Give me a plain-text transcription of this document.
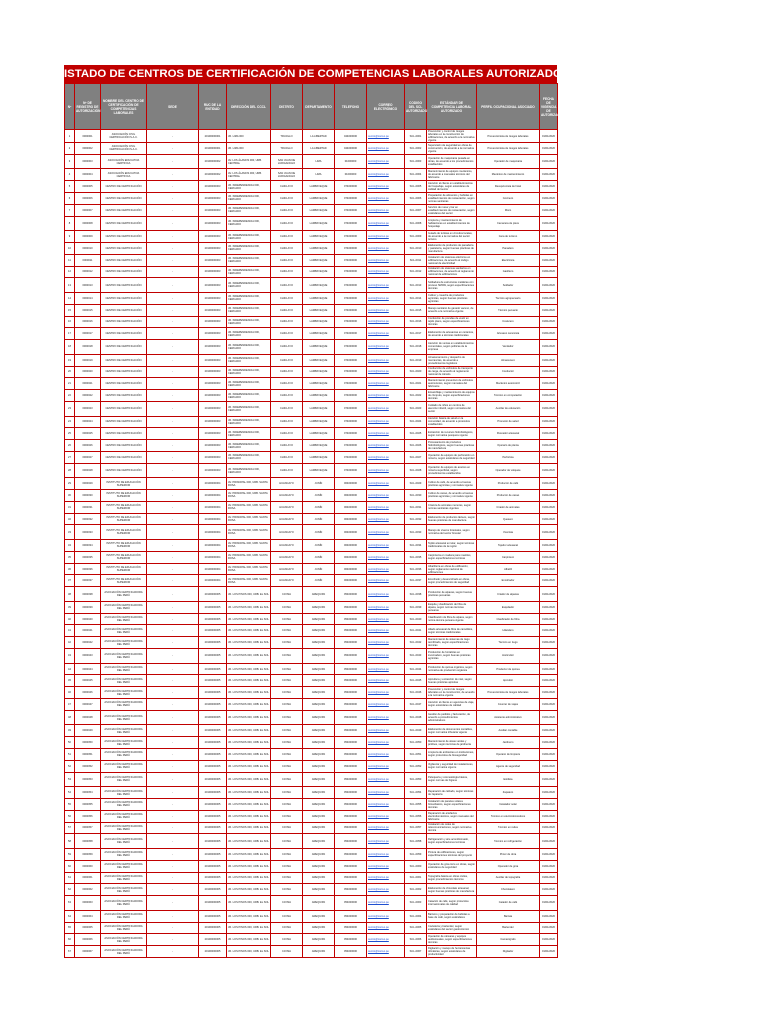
ISTADO DE CENTROS DE CERTIFICACIÓN DE COMPETENCIAS LABORALES AUTORIZADO
Nº	Nº DE REGISTRO DE AUTORIZACIÓN	NOMBRE DEL CENTRO DE CERTIFICACIÓN DE COMPETENCIAS LABORALES	SEDE	RUC DE LA ENTIDAD	DIRECCIÓN DEL CCCL	DISTRITO	DEPARTAMENTO	TELEFONO	CORREO ELECTRÓNICO	CODIGO DEL SCL AUTORIZADO	ESTÁNDAR DE COMPETENCIA LABORAL AUTORIZADO	PERFIL OCUPACIONAL ASOCIADO	FECHA DE VIGENCIA DE AUTORIZACIÓN
1	0000001	ASOCIACIÓN CIVIL CERTIFICACIÓN S.A.C.	-	20100000001	JR. LIMA 000	TRUJILLO	LA LIBERTAD	044000000	centro@correo.pe	SCL-0001	Prevención y control de riesgos laborales en la construcción de edificaciones, de acuerdo a la normativa vigente	Prevencionista de riesgos laborales	01/01/2020
2	0000002	ASOCIACIÓN CIVIL CERTIFICACIÓN S.A.C.	-	20100000001	JR. LIMA 000	TRUJILLO	LA LIBERTAD	044000000	centro@correo.pe	SCL-0002	Supervisión de seguridad en obras de construcción, de acuerdo a la normativa vigente	Prevencionista de riesgos laborales	01/01/2020
3	0000003	ASOCIACIÓN EDUCATIVA CERTIFICA	-	20100000002	AV. LOS ÁLAMOS 000, URB. CENTRAL	SAN JUAN DE LURIGANCHO	LIMA	01000000	centro@correo.pe	SCL-0003	Operación de maquinaria pesada en obras, de acuerdo a los procedimientos establecidos	Operador de maquinaria	01/01/2020
4	0000004	ASOCIACIÓN EDUCATIVA CERTIFICA	-	20100000002	AV. LOS ÁLAMOS 000, URB. CENTRAL	SAN JUAN DE LURIGANCHO	LIMA	01000000	centro@correo.pe	SCL-0004	Mantenimiento de equipos mecánicos, de acuerdo a manuales técnicos del fabricante	Mecánico de mantenimiento	01/01/2020
5	0000005	CENTRO DE CERTIFICACIÓN	-	20100000003	JR. INDEPENDENCIA 000, CERCADO	CHICLAYO	LAMBAYEQUE	074000000	centro@correo.pe	SCL-0005	Atención al cliente en establecimientos de hospedaje, según estándares de calidad del sector	Recepcionista de hotel	01/01/2020
6	0000006	CENTRO DE CERTIFICACIÓN	-	20100000003	JR. INDEPENDENCIA 000, CERCADO	CHICLAYO	LAMBAYEQUE	074000000	centro@correo.pe	SCL-0006	Preparación de alimentos y bebidas en establecimientos de restauración, según normas sanitarias	Cocinero	01/01/2020
7	0000007	CENTRO DE CERTIFICACIÓN	-	20100000003	JR. INDEPENDENCIA 000, CERCADO	CHICLAYO	LAMBAYEQUE	074000000	centro@correo.pe	SCL-0007	Servicio de mesa y bar en establecimientos de restauración, según estándares del sector	Mozo	01/01/2020
8	0000008	CENTRO DE CERTIFICACIÓN	-	20100000003	JR. INDEPENDENCIA 000, CERCADO	CHICLAYO	LAMBAYEQUE	074000000	centro@correo.pe	SCL-0008	Limpieza y mantenimiento de habitaciones en establecimientos de hospedaje	Camarera de pisos	01/01/2020
9	0000009	CENTRO DE CERTIFICACIÓN	-	20100000003	JR. INDEPENDENCIA 000, CERCADO	CHICLAYO	LAMBAYEQUE	074000000	centro@correo.pe	SCL-0009	Guiado de turistas en circuitos locales, de acuerdo a la normativa del sector turismo	Guía de turismo	01/01/2020
10	0000010	CENTRO DE CERTIFICACIÓN	-	20100000003	JR. INDEPENDENCIA 000, CERCADO	CHICLAYO	LAMBAYEQUE	074000000	centro@correo.pe	SCL-0010	Elaboración de productos de panadería y pastelería, según buenas prácticas de manufactura	Panadero	01/01/2020
11	0000011	CENTRO DE CERTIFICACIÓN	-	20100000003	JR. INDEPENDENCIA 000, CERCADO	CHICLAYO	LAMBAYEQUE	074000000	centro@correo.pe	SCL-0011	Instalación de sistemas eléctricos en edificaciones, de acuerdo al código nacional de electricidad	Electricista	01/01/2020
12	0000012	CENTRO DE CERTIFICACIÓN	-	20100000003	JR. INDEPENDENCIA 000, CERCADO	CHICLAYO	LAMBAYEQUE	074000000	centro@correo.pe	SCL-0012	Instalación de sistemas sanitarios en edificaciones, de acuerdo al reglamento nacional de edificaciones	Gasfitero	01/01/2020
13	0000013	CENTRO DE CERTIFICACIÓN	-	20100000003	JR. INDEPENDENCIA 000, CERCADO	CHICLAYO	LAMBAYEQUE	074000000	centro@correo.pe	SCL-0013	Soldadura de estructuras metálicas con proceso SMAW, según especificaciones técnicas	Soldador	01/01/2020
14	0000014	CENTRO DE CERTIFICACIÓN	-	20100000003	JR. INDEPENDENCIA 000, CERCADO	CHICLAYO	LAMBAYEQUE	074000000	centro@correo.pe	SCL-0014	Cultivo y cosecha de productos agrícolas, según buenas prácticas agrícolas	Técnico agropecuario	01/01/2020
15	0000015	CENTRO DE CERTIFICACIÓN	-	20100000003	JR. INDEPENDENCIA 000, CERCADO	CHICLAYO	LAMBAYEQUE	074000000	centro@correo.pe	SCL-0015	Manejo sanitario de ganado vacuno, de acuerdo a la normativa vigente	Técnico pecuario	01/01/2020
16	0000016	CENTRO DE CERTIFICACIÓN	-	20100000003	JR. INDEPENDENCIA 000, CERCADO	CHICLAYO	LAMBAYEQUE	074000000	centro@correo.pe	SCL-0016	Confección de prendas de vestir en tejido plano, según especificaciones técnicas	Costurero	01/01/2020
17	0000017	CENTRO DE CERTIFICACIÓN	-	20100000003	JR. INDEPENDENCIA 000, CERCADO	CHICLAYO	LAMBAYEQUE	074000000	centro@correo.pe	SCL-0017	Elaboración de artesanías en cerámica, de acuerdo a técnicas tradicionales	Artesano ceramista	01/01/2020
18	0000018	CENTRO DE CERTIFICACIÓN	-	20100000003	JR. INDEPENDENCIA 000, CERCADO	CHICLAYO	LAMBAYEQUE	074000000	centro@correo.pe	SCL-0018	Atención de ventas en establecimientos comerciales, según políticas de la empresa	Vendedor	01/01/2020
19	0000019	CENTRO DE CERTIFICACIÓN	-	20100000003	JR. INDEPENDENCIA 000, CERCADO	CHICLAYO	LAMBAYEQUE	074000000	centro@correo.pe	SCL-0019	Almacenamiento y despacho de mercancías, de acuerdo a procedimientos logísticos	Almacenero	01/01/2020
20	0000020	CENTRO DE CERTIFICACIÓN	-	20100000003	JR. INDEPENDENCIA 000, CERCADO	CHICLAYO	LAMBAYEQUE	074000000	centro@correo.pe	SCL-0020	Conducción de vehículos de transporte de carga, de acuerdo al reglamento nacional de tránsito	Conductor	01/01/2020
21	0000021	CENTRO DE CERTIFICACIÓN	-	20100000003	JR. INDEPENDENCIA 000, CERCADO	CHICLAYO	LAMBAYEQUE	074000000	centro@correo.pe	SCL-0021	Mantenimiento preventivo de vehículos automotores, según manuales del fabricante	Mecánico automotriz	01/01/2020
22	0000022	CENTRO DE CERTIFICACIÓN	-	20100000003	JR. INDEPENDENCIA 000, CERCADO	CHICLAYO	LAMBAYEQUE	074000000	centro@correo.pe	SCL-0022	Ensamblaje y mantenimiento de equipos de cómputo, según especificaciones técnicas	Técnico en computación	01/01/2020
23	0000023	CENTRO DE CERTIFICACIÓN	-	20100000003	JR. INDEPENDENCIA 000, CERCADO	CHICLAYO	LAMBAYEQUE	074000000	centro@correo.pe	SCL-0023	Cuidado de niños en centros de atención infantil, según normativa del sector	Auxiliar de educación	01/01/2020
24	0000024	CENTRO DE CERTIFICACIÓN	-	20100000003	JR. INDEPENDENCIA 000, CERCADO	CHICLAYO	LAMBAYEQUE	074000000	centro@correo.pe	SCL-0024	Atención básica de salud en la comunidad, de acuerdo a protocolos establecidos	Promotor de salud	01/01/2020
25	0000025	CENTRO DE CERTIFICACIÓN	-	20100000003	JR. INDEPENDENCIA 000, CERCADO	CHICLAYO	LAMBAYEQUE	074000000	centro@correo.pe	SCL-0025	Extracción de recursos hidrobiológicos, según normativa pesquera vigente	Pescador artesanal	01/01/2020
26	0000026	CENTRO DE CERTIFICACIÓN	-	20100000003	JR. INDEPENDENCIA 000, CERCADO	CHICLAYO	LAMBAYEQUE	074000000	centro@correo.pe	SCL-0026	Procesamiento de productos hidrobiológicos, según buenas prácticas de manufactura	Operario de planta	01/01/2020
27	0000027	CENTRO DE CERTIFICACIÓN	-	20100000003	JR. INDEPENDENCIA 000, CERCADO	CHICLAYO	LAMBAYEQUE	074000000	centro@correo.pe	SCL-0027	Operación de equipos de perforación en minería, según estándares de seguridad	Perforista	01/01/2020
28	0000028	CENTRO DE CERTIFICACIÓN	-	20100000003	JR. INDEPENDENCIA 000, CERCADO	CHICLAYO	LAMBAYEQUE	074000000	centro@correo.pe	SCL-0028	Operación de equipos de acarreo en minería superficial, según procedimientos establecidos	Operador de volquete	01/01/2020
29	0000029	INSTITUTO DE EDUCACIÓN SUPERIOR	-	20100000004	AV. PRINCIPAL 000, URB. SANTA ROSA	HUANCAYO	JUNÍN	064000000	centro@correo.pe	SCL-0029	Cultivo de café, de acuerdo a buenas prácticas agrícolas y normativa vigente	Productor de café	01/01/2020
30	0000030	INSTITUTO DE EDUCACIÓN SUPERIOR	-	20100000004	AV. PRINCIPAL 000, URB. SANTA ROSA	HUANCAYO	JUNÍN	064000000	centro@correo.pe	SCL-0030	Cultivo de cacao, de acuerdo a buenas prácticas agrícolas y normativa vigente	Productor de cacao	01/01/2020
31	0000031	INSTITUTO DE EDUCACIÓN SUPERIOR	-	20100000004	AV. PRINCIPAL 000, URB. SANTA ROSA	HUANCAYO	JUNÍN	064000000	centro@correo.pe	SCL-0031	Crianza de animales menores, según normas sanitarias vigentes	Criador de animales	01/01/2020
32	0000032	INSTITUTO DE EDUCACIÓN SUPERIOR	-	20100000004	AV. PRINCIPAL 000, URB. SANTA ROSA	HUANCAYO	JUNÍN	064000000	centro@correo.pe	SCL-0032	Elaboración de productos lácteos, según buenas prácticas de manufactura	Quesero	01/01/2020
33	0000033	INSTITUTO DE EDUCACIÓN SUPERIOR	-	20100000004	AV. PRINCIPAL 000, URB. SANTA ROSA	HUANCAYO	JUNÍN	064000000	centro@correo.pe	SCL-0033	Manejo de viveros forestales, según normativa del sector forestal	Viverista	01/01/2020
34	0000034	INSTITUTO DE EDUCACIÓN SUPERIOR	-	20100000004	AV. PRINCIPAL 000, URB. SANTA ROSA	HUANCAYO	JUNÍN	064000000	centro@correo.pe	SCL-0034	Tejido artesanal en telar, según técnicas tradicionales de la región	Tejedor artesanal	01/01/2020
35	0000035	INSTITUTO DE EDUCACIÓN SUPERIOR	-	20100000004	AV. PRINCIPAL 000, URB. SANTA ROSA	HUANCAYO	JUNÍN	064000000	centro@correo.pe	SCL-0035	Carpintería en madera para muebles, según especificaciones técnicas	Carpintero	01/01/2020
36	0000036	INSTITUTO DE EDUCACIÓN SUPERIOR	-	20100000004	AV. PRINCIPAL 000, URB. SANTA ROSA	HUANCAYO	JUNÍN	064000000	centro@correo.pe	SCL-0036	Albañilería en obras de edificación, según reglamento nacional de edificaciones	Albañil	01/01/2020
37	0000037	INSTITUTO DE EDUCACIÓN SUPERIOR	-	20100000004	AV. PRINCIPAL 000, URB. SANTA ROSA	HUANCAYO	JUNÍN	064000000	centro@correo.pe	SCL-0037	Encofrado y desencofrado en obras, según procedimientos de seguridad	Encofrador	01/01/2020
38	0000038	ASOCIACIÓN CERTIFICADORA DEL PERÚ	-	20100000005	JR. LOS PINOS 000, URB. EL SOL	CAYMA	AREQUIPA	054000000	centro@correo.pe	SCL-0038	Producción de alpacas, según buenas prácticas pecuarias	Criador de alpacas	01/01/2020
39	0000039	ASOCIACIÓN CERTIFICADORA DEL PERÚ	-	20100000005	JR. LOS PINOS 000, URB. EL SOL	CAYMA	AREQUIPA	054000000	centro@correo.pe	SCL-0039	Esquila y clasificación de fibra de alpaca, según normas técnicas peruanas	Esquilador	01/01/2020
40	0000040	ASOCIACIÓN CERTIFICADORA DEL PERÚ	-	20100000005	JR. LOS PINOS 000, URB. EL SOL	CAYMA	AREQUIPA	054000000	centro@correo.pe	SCL-0040	Clasificación de fibra de alpaca, según norma técnica peruana vigente	Clasificador de fibra	01/01/2020
41	0000041	ASOCIACIÓN CERTIFICADORA DEL PERÚ	-	20100000005	JR. LOS PINOS 000, URB. EL SOL	CAYMA	AREQUIPA	054000000	centro@correo.pe	SCL-0041	Hilado artesanal de fibra de camélidos, según técnicas tradicionales	Hilandero	01/01/2020
42	0000042	ASOCIACIÓN CERTIFICADORA DEL PERÚ	-	20100000005	JR. LOS PINOS 000, URB. EL SOL	CAYMA	AREQUIPA	054000000	centro@correo.pe	SCL-0042	Mantenimiento de sistemas de riego tecnificado, según especificaciones técnicas	Técnico en riego	01/01/2020
43	0000043	ASOCIACIÓN CERTIFICADORA DEL PERÚ	-	20100000005	JR. LOS PINOS 000, URB. EL SOL	CAYMA	AREQUIPA	054000000	centro@correo.pe	SCL-0043	Producción de hortalizas en invernadero, según buenas prácticas agrícolas	Horticultor	01/01/2020
44	0000044	ASOCIACIÓN CERTIFICADORA DEL PERÚ	-	20100000005	JR. LOS PINOS 000, URB. EL SOL	CAYMA	AREQUIPA	054000000	centro@correo.pe	SCL-0044	Producción de quinua orgánica, según normativa de producción orgánica	Productor de quinua	01/01/2020
45	0000045	ASOCIACIÓN CERTIFICADORA DEL PERÚ	-	20100000005	JR. LOS PINOS 000, URB. EL SOL	CAYMA	AREQUIPA	054000000	centro@correo.pe	SCL-0045	Apicultura y extracción de miel, según buenas prácticas apícolas	Apicultor	01/01/2020
46	0000046	ASOCIACIÓN CERTIFICADORA DEL PERÚ	-	20100000005	JR. LOS PINOS 000, URB. EL SOL	CAYMA	AREQUIPA	054000000	centro@correo.pe	SCL-0046	Prevención y control de riesgos laborales en la construcción, de acuerdo a la normativa vigente	Prevencionista de riesgos laborales	01/01/2020
47	0000047	ASOCIACIÓN CERTIFICADORA DEL PERÚ	-	20100000005	JR. LOS PINOS 000, URB. EL SOL	CAYMA	AREQUIPA	054000000	centro@correo.pe	SCL-0047	Atención al cliente en agencias de viaje, según estándares de calidad	Counter de viajes	01/01/2020
48	0000048	ASOCIACIÓN CERTIFICADORA DEL PERÚ	-	20100000005	JR. LOS PINOS 000, URB. EL SOL	CAYMA	AREQUIPA	054000000	centro@correo.pe	SCL-0048	Gestión de pedidos y facturación, de acuerdo a procedimientos administrativos	Asistente administrativo	01/01/2020
49	0000049	ASOCIACIÓN CERTIFICADORA DEL PERÚ	-	20100000005	JR. LOS PINOS 000, URB. EL SOL	CAYMA	AREQUIPA	054000000	centro@correo.pe	SCL-0049	Elaboración de documentos contables, según normativa tributaria vigente	Auxiliar contable	01/01/2020
50	0000050	ASOCIACIÓN CERTIFICADORA DEL PERÚ	-	20100000005	JR. LOS PINOS 000, URB. EL SOL	CAYMA	AREQUIPA	054000000	centro@correo.pe	SCL-0050	Mantenimiento de áreas verdes y jardines, según técnicas de jardinería	Jardinero	01/01/2020
51	0000051	ASOCIACIÓN CERTIFICADORA DEL PERÚ	-	20100000005	JR. LOS PINOS 000, URB. EL SOL	CAYMA	AREQUIPA	054000000	centro@correo.pe	SCL-0051	Limpieza de ambientes en instituciones, según protocolos de bioseguridad	Operario de limpieza	01/01/2020
52	0000052	ASOCIACIÓN CERTIFICADORA DEL PERÚ	-	20100000005	JR. LOS PINOS 000, URB. EL SOL	CAYMA	AREQUIPA	054000000	centro@correo.pe	SCL-0052	Vigilancia y seguridad de instalaciones, según normativa vigente	Agente de seguridad	01/01/2020
53	0000053	ASOCIACIÓN CERTIFICADORA DEL PERÚ	-	20100000005	JR. LOS PINOS 000, URB. EL SOL	CAYMA	AREQUIPA	054000000	centro@correo.pe	SCL-0053	Peluquería y cosmetología básica, según normas de higiene	Estilista	01/01/2020
54	0000054	ASOCIACIÓN CERTIFICADORA DEL PERÚ	-	20100000005	JR. LOS PINOS 000, URB. EL SOL	CAYMA	AREQUIPA	054000000	centro@correo.pe	SCL-0054	Reparación de calzado, según técnicas de zapatería	Zapatero	01/01/2020
55	0000055	ASOCIACIÓN CERTIFICADORA DEL PERÚ	-	20100000005	JR. LOS PINOS 000, URB. EL SOL	CAYMA	AREQUIPA	054000000	centro@correo.pe	SCL-0055	Instalación de paneles solares fotovoltaicos, según especificaciones técnicas	Instalador solar	01/01/2020
56	0000056	ASOCIACIÓN CERTIFICADORA DEL PERÚ	-	20100000005	JR. LOS PINOS 000, URB. EL SOL	CAYMA	AREQUIPA	054000000	centro@correo.pe	SCL-0056	Reparación de artefactos electrodomésticos, según manuales del fabricante	Técnico en electrodomésticos	01/01/2020
57	0000057	ASOCIACIÓN CERTIFICADORA DEL PERÚ	-	20100000005	JR. LOS PINOS 000, URB. EL SOL	CAYMA	AREQUIPA	054000000	centro@correo.pe	SCL-0057	Instalación de redes de telecomunicaciones, según normativa técnica	Técnico en redes	01/01/2020
58	0000058	ASOCIACIÓN CERTIFICADORA DEL PERÚ	-	20100000005	JR. LOS PINOS 000, URB. EL SOL	CAYMA	AREQUIPA	054000000	centro@correo.pe	SCL-0058	Refrigeración y aire acondicionado, según especificaciones técnicas	Técnico en refrigeración	01/01/2020
59	0000059	ASOCIACIÓN CERTIFICADORA DEL PERÚ	-	20100000005	JR. LOS PINOS 000, URB. EL SOL	CAYMA	AREQUIPA	054000000	centro@correo.pe	SCL-0059	Pintura de edificaciones, según especificaciones técnicas del proyecto	Pintor de obra	01/01/2020
60	0000060	ASOCIACIÓN CERTIFICADORA DEL PERÚ	-	20100000005	JR. LOS PINOS 000, URB. EL SOL	CAYMA	AREQUIPA	054000000	centro@correo.pe	SCL-0060	Operación de grúa torre en obras, según estándares de seguridad	Operador de grúa	01/01/2020
61	0000061	ASOCIACIÓN CERTIFICADORA DEL PERÚ	-	20100000005	JR. LOS PINOS 000, URB. EL SOL	CAYMA	AREQUIPA	054000000	centro@correo.pe	SCL-0061	Topografía básica en obras civiles, según procedimientos técnicos	Auxiliar de topografía	01/01/2020
62	0000062	ASOCIACIÓN CERTIFICADORA DEL PERÚ	-	20100000005	JR. LOS PINOS 000, URB. EL SOL	CAYMA	AREQUIPA	054000000	centro@correo.pe	SCL-0062	Elaboración de chocolate artesanal, según buenas prácticas de manufactura	Chocolatero	01/01/2020
63	0000063	ASOCIACIÓN CERTIFICADORA DEL PERÚ	-	20100000005	JR. LOS PINOS 000, URB. EL SOL	CAYMA	AREQUIPA	054000000	centro@correo.pe	SCL-0063	Catación de café, según protocolos internacionales de calidad	Catador de café	01/01/2020
64	0000064	ASOCIACIÓN CERTIFICADORA DEL PERÚ	-	20100000005	JR. LOS PINOS 000, URB. EL SOL	CAYMA	AREQUIPA	054000000	centro@correo.pe	SCL-0064	Barismo y preparación de bebidas a base de café, según estándares	Barista	01/01/2020
65	0000065	ASOCIACIÓN CERTIFICADORA DEL PERÚ	-	20100000005	JR. LOS PINOS 000, URB. EL SOL	CAYMA	AREQUIPA	054000000	centro@correo.pe	SCL-0065	Coctelería y bartender, según estándares del sector gastronómico	Bartender	01/01/2020
66	0000066	ASOCIACIÓN CERTIFICADORA DEL PERÚ	-	20100000005	JR. LOS PINOS 000, URB. EL SOL	CAYMA	AREQUIPA	054000000	centro@correo.pe	SCL-0066	Operación de cámaras y equipos audiovisuales, según especificaciones técnicas	Camarógrafo	01/01/2020
67	0000067	ASOCIACIÓN CERTIFICADORA DEL PERÚ	-	20100000005	JR. LOS PINOS 000, URB. EL SOL	CAYMA	AREQUIPA	054000000	centro@correo.pe	SCL-0067	Digitación y manejo de herramientas ofimáticas, según estándares de productividad	Digitador	01/01/2020
